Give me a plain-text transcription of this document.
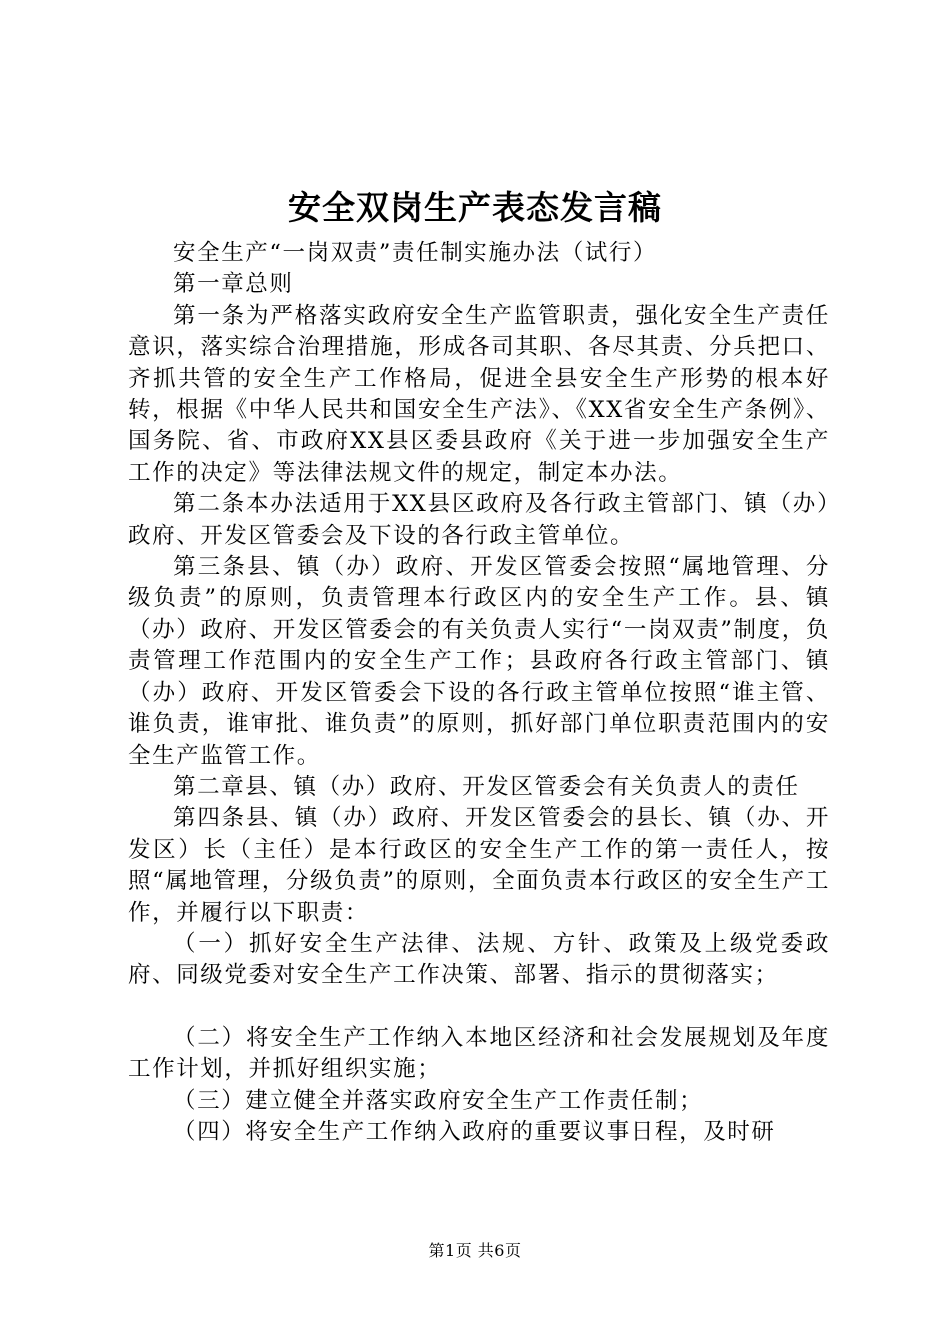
安全双岗生产表态发言稿

安全生产“一岗双责”责任制实施办法（试行）

第一章总则

第一条为严格落实政府安全生产监管职责，强化安全生产责任意识，落实综合治理措施，形成各司其职、各尽其责、分兵把口、齐抓共管的安全生产工作格局，促进全县安全生产形势的根本好转，根据《中华人民共和国安全生产法》、《XX省安全生产条例》、国务院、省、市政府XX县区委县政府《关于进一步加强安全生产工作的决定》等法律法规文件的规定，制定本办法。

第二条本办法适用于XX县区政府及各行政主管部门、镇（办）政府、开发区管委会及下设的各行政主管单位。

第三条县、镇（办）政府、开发区管委会按照“属地管理、分级负责”的原则，负责管理本行政区内的安全生产工作。县、镇（办）政府、开发区管委会的有关负责人实行“一岗双责”制度，负责管理工作范围内的安全生产工作；县政府各行政主管部门、镇（办）政府、开发区管委会下设的各行政主管单位按照“谁主管、谁负责，谁审批、谁负责”的原则，抓好部门单位职责范围内的安全生产监管工作。

第二章县、镇（办）政府、开发区管委会有关负责人的责任

第四条县、镇（办）政府、开发区管委会的县长、镇（办、开发区）长（主任）是本行政区的安全生产工作的第一责任人，按照“属地管理，分级负责”的原则，全面负责本行政区的安全生产工作，并履行以下职责：

（一）抓好安全生产法律、法规、方针、政策及上级党委政府、同级党委对安全生产工作决策、部署、指示的贯彻落实；

（二）将安全生产工作纳入本地区经济和社会发展规划及年度工作计划，并抓好组织实施；

（三）建立健全并落实政府安全生产工作责任制；

（四）将安全生产工作纳入政府的重要议事日程，及时研

第1页 共6页
